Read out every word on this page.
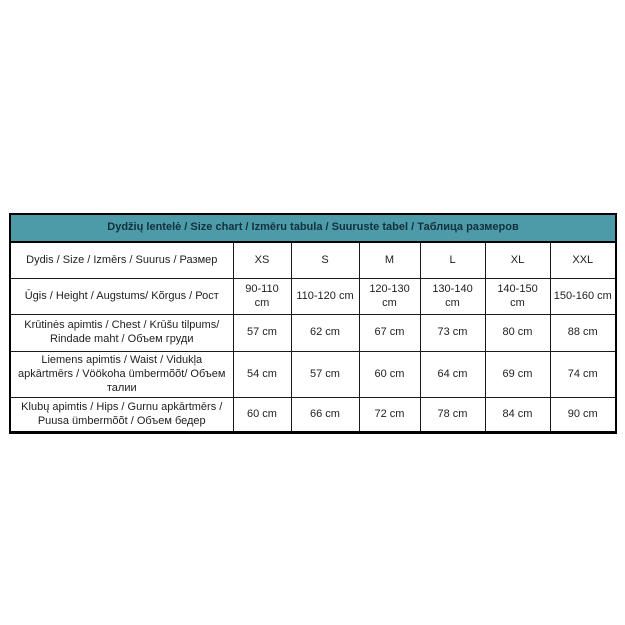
Dydžių lentelė / Size chart / Izmēru tabula / Suuruste tabel / Таблица размеров						
Dydis / Size / Izmērs / Suurus / Размер	XS	S	M	L	XL	XXL
Ūgis / Height / Augstums/ Kõrgus / Рост	90-110 cm	110-120 cm	120-130 cm	130-140 cm	140-150 cm	150-160 cm
Krūtinės apimtis / Chest / Krūšu tilpums/ Rindade maht / Объем груди	57 cm	62 cm	67 cm	73 cm	80 cm	88 cm
Liemens apimtis / Waist / Vidukļa apkārtmērs / Vöökoha ümbermõõt/ Объем талии	54 cm	57 cm	60 cm	64 cm	69 cm	74 cm
Klubų apimtis / Hips / Gurnu apkārtmērs / Puusa ümbermõõt / Объем бедер	60 cm	66 cm	72 cm	78 cm	84 cm	90 cm
